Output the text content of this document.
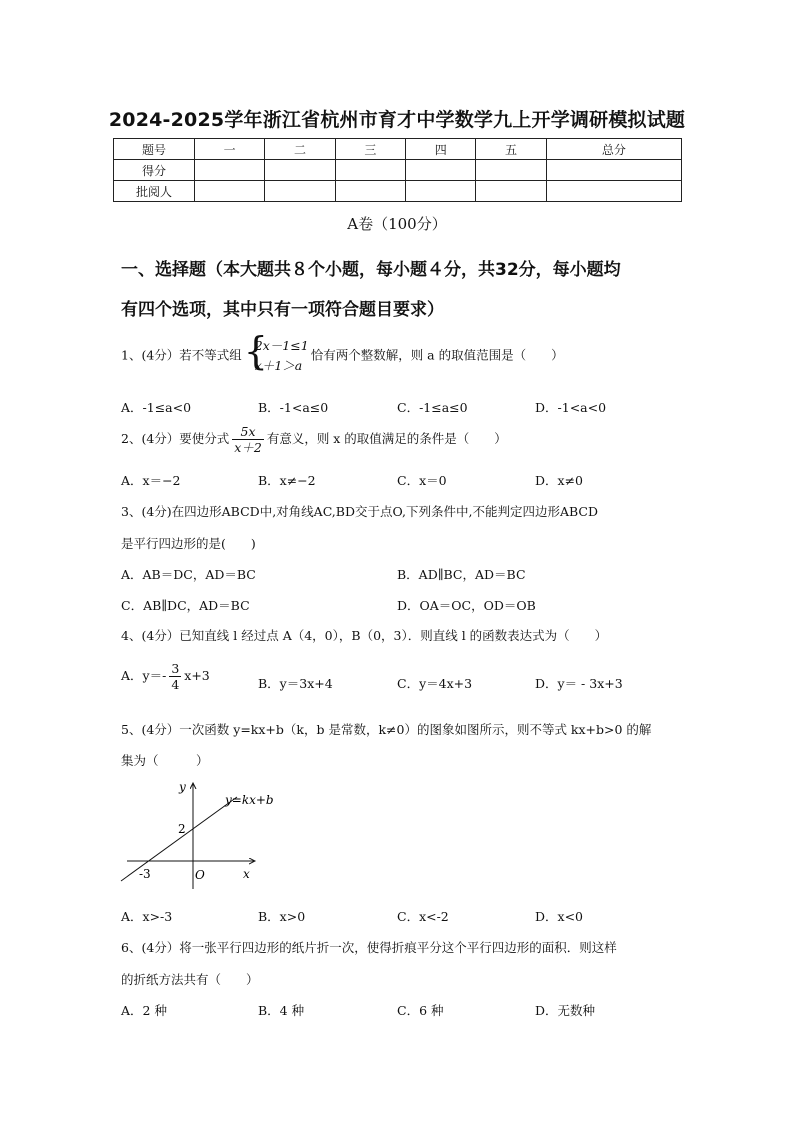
2024-2025学年浙江省杭州市育才中学数学九上开学调研模拟试题
题号	一	二	三	四	五	总分
得分						
批阅人						
A卷（100分）
一、选择题（本大题共８个小题，每小题４分，共32分，每小题均
有四个选项，其中只有一项符合题目要求）
1、(4分）若不等式组 {
2x－1≤1
x＋1＞a
恰有两个整数解，则 a 的取值范围是（　　）
A．-1≤a<0	B．-1<a≤0	C．-1≤a≤0	D．-1<a<0
2、(4分）要使分式 $\frac{5x}{x+2}$ 有意义，则 x 的取值满足的条件是（　　）
A．x＝−2	B．x≠−2	C．x＝0	D．x≠0
3、(4分)在四边形ABCD中,对角线AC,BD交于点O,下列条件中,不能判定四边形ABCD
是平行四边形的是(　　)
A．AB＝DC，AD＝BC	B．AD∥BC，AD＝BC
C．AB∥DC，AD＝BC	D．OA＝OC，OD＝OB
4、(4分）已知直线 l 经过点 A（4，0），B（0，3）．则直线 l 的函数表达式为（　　）
A．$y=- \frac{3}{4} x+3$
B．y＝3x+4	C．y＝4x+3	D．y＝ - 3x+3
5、(4分）一次函数 y=kx+b（k，b 是常数，k≠0）的图象如图所示，则不等式 kx+b>0 的解
集为（　　　）
y=kx+b
y
x
O
-3
2
A．x>-3	B．x>0	C．x<-2	D．x<0
6、(4分）将一张平行四边形的纸片折一次，使得折痕平分这个平行四边形的面积．则这样
的折纸方法共有（　　）
A．2 种	B．4 种	C．6 种	D．无数种
